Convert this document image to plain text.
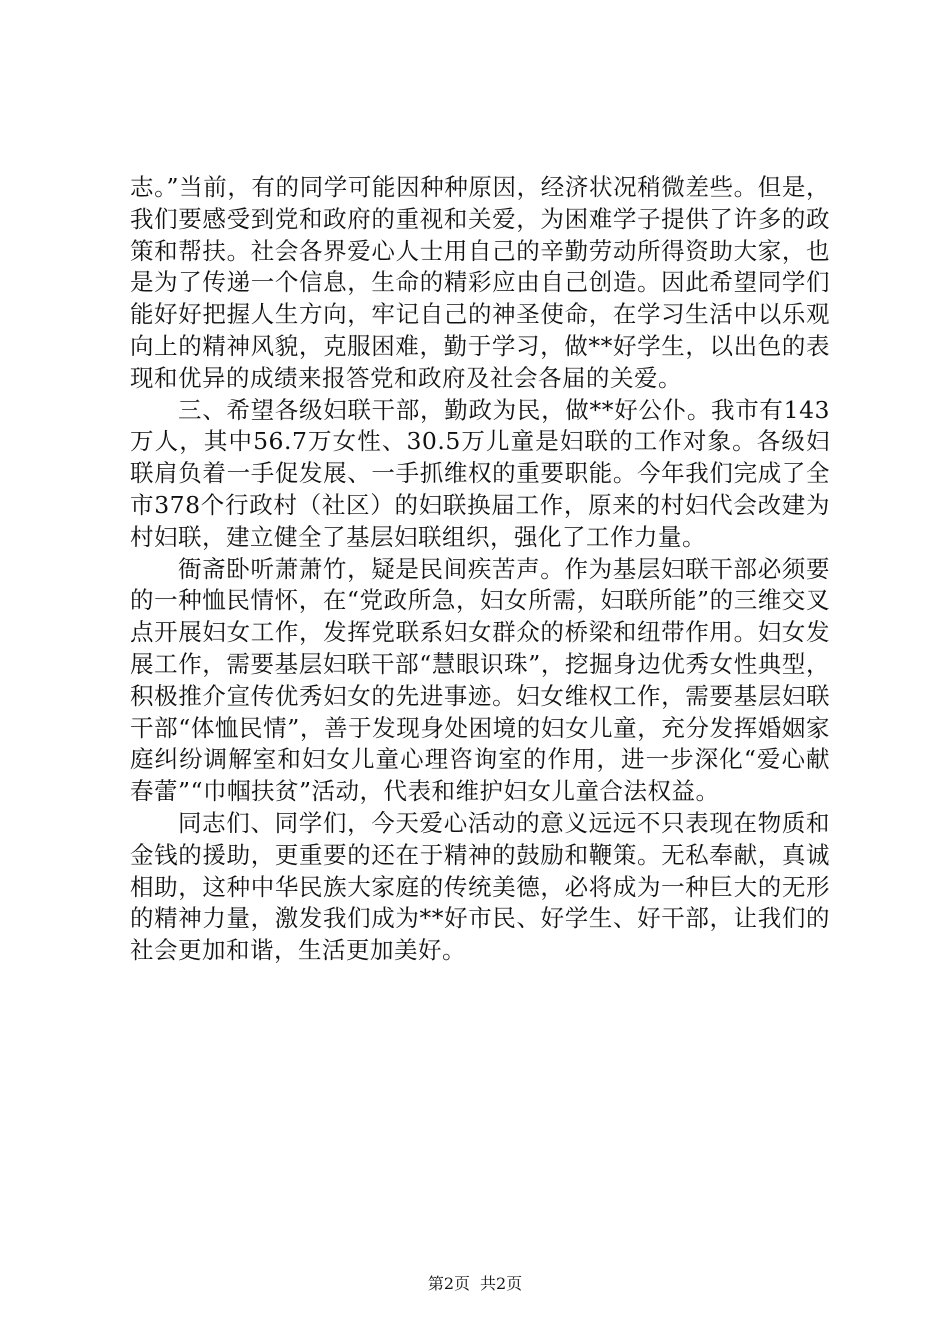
志。”当前，有的同学可能因种种原因，经济状况稍微差些。但是，我们要感受到党和政府的重视和关爱，为困难学子提供了许多的政策和帮扶。社会各界爱心人士用自己的辛勤劳动所得资助大家，也是为了传递一个信息，生命的精彩应由自己创造。因此希望同学们能好好把握人生方向，牢记自己的神圣使命，在学习生活中以乐观向上的精神风貌，克服困难，勤于学习，做**好学生，以出色的表现和优异的成绩来报答党和政府及社会各届的关爱。

三、希望各级妇联干部，勤政为民，做**好公仆。我市有143万人，其中56.7万女性、30.5万儿童是妇联的工作对象。各级妇联肩负着一手促发展、一手抓维权的重要职能。今年我们完成了全市378个行政村（社区）的妇联换届工作，原来的村妇代会改建为村妇联，建立健全了基层妇联组织，强化了工作力量。

衙斋卧听萧萧竹，疑是民间疾苦声。作为基层妇联干部必须要的一种恤民情怀，在“党政所急，妇女所需，妇联所能”的三维交叉点开展妇女工作，发挥党联系妇女群众的桥梁和纽带作用。妇女发展工作，需要基层妇联干部“慧眼识珠”，挖掘身边优秀女性典型，积极推介宣传优秀妇女的先进事迹。妇女维权工作，需要基层妇联干部“体恤民情”，善于发现身处困境的妇女儿童，充分发挥婚姻家庭纠纷调解室和妇女儿童心理咨询室的作用，进一步深化“爱心献春蕾”“巾帼扶贫”活动，代表和维护妇女儿童合法权益。

同志们、同学们，今天爱心活动的意义远远不只表现在物质和金钱的援助，更重要的还在于精神的鼓励和鞭策。无私奉献，真诚相助，这种中华民族大家庭的传统美德，必将成为一种巨大的无形的精神力量，激发我们成为**好市民、好学生、好干部，让我们的社会更加和谐，生活更加美好。

第2页 共2页
